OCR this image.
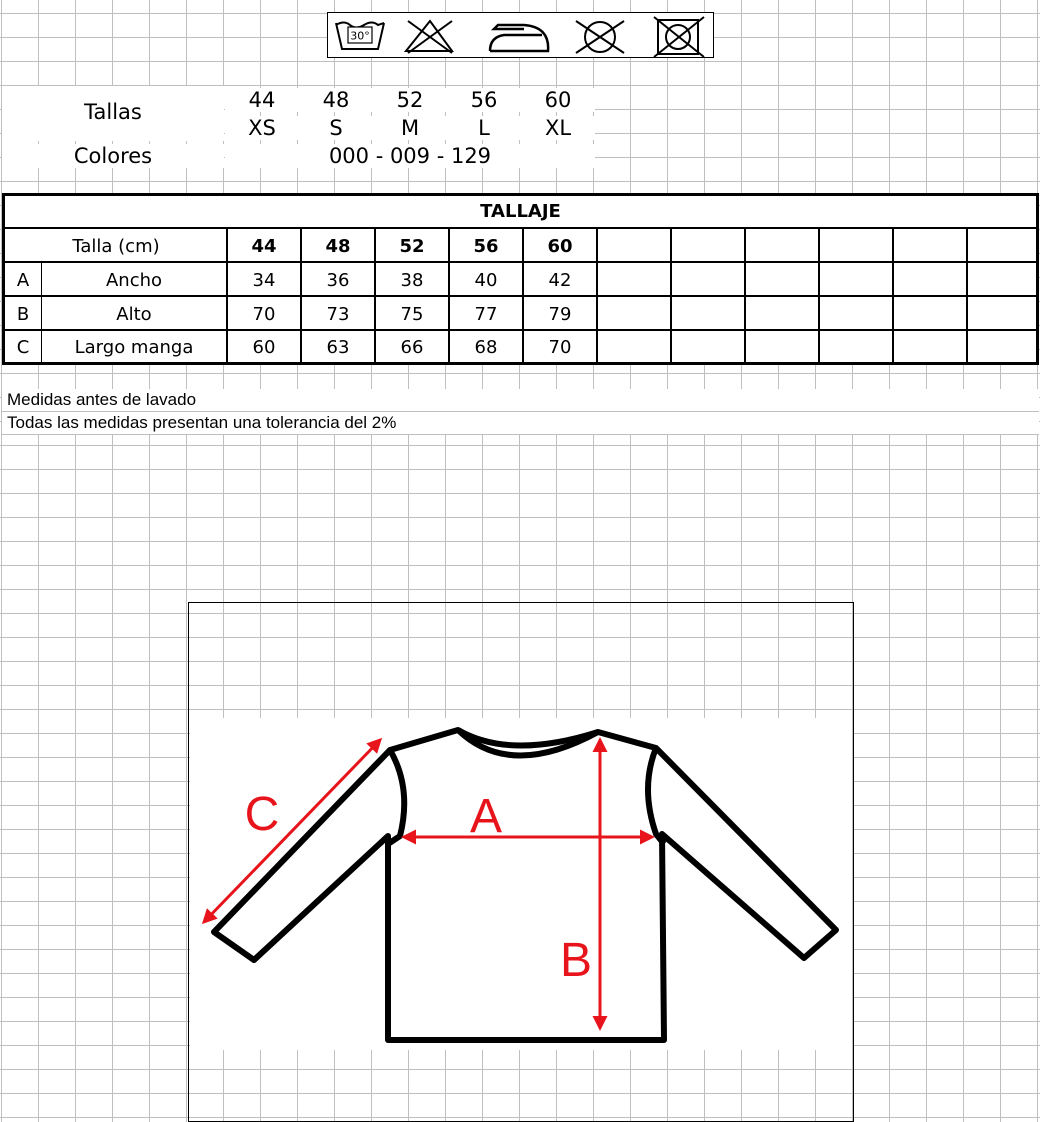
30°
Tallas	44	48	52	56	60
XS	S	M	L	XL
Colores	000 - 009 - 129
TALLAJE
Talla (cm)	44	48	52	56	60
A	Ancho	34	36	38	40	42
B	Alto	70	73	75	77	79
C	Largo manga	60	63	66	68	70
Medidas antes de lavado
Todas las medidas presentan una tolerancia del 2%
A
B
C
